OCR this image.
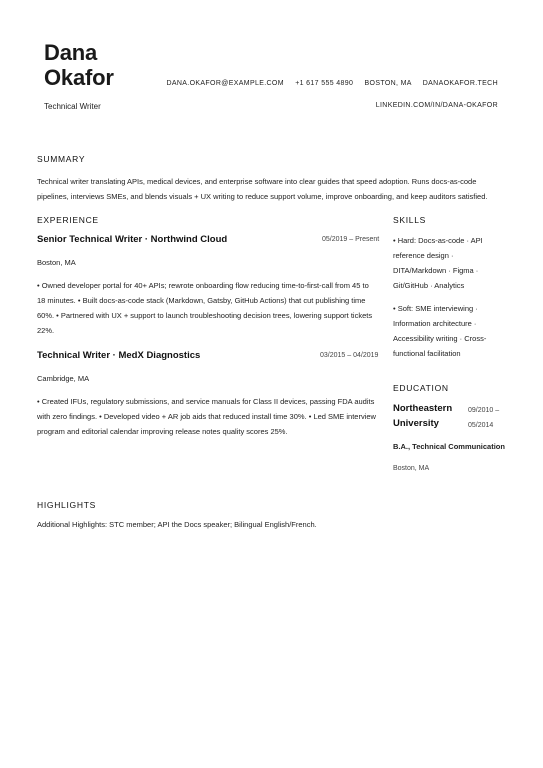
Dana
Okafor
Technical Writer
DANA.OKAFOR@EXAMPLE.COM +1 617 555 4890 BOSTON, MA DANAOKAFOR.TECH
LINKEDIN.COM/IN/DANA-OKAFOR
SUMMARY
Technical writer translating APIs, medical devices, and enterprise software into clear guides that speed adoption. Runs docs-as-code pipelines, interviews SMEs, and blends visuals + UX writing to reduce support volume, improve onboarding, and keep auditors satisfied.
EXPERIENCE
Senior Technical Writer · Northwind Cloud	05/2019 – Present
Boston, MA
• Owned developer portal for 40+ APIs; rewrote onboarding flow reducing time-to-first-call from 45 to 18 minutes. • Built docs-as-code stack (Markdown, Gatsby, GitHub Actions) that cut publishing time 60%. • Partnered with UX + support to launch troubleshooting decision trees, lowering support tickets 22%.
Technical Writer · MedX Diagnostics	03/2015 – 04/2019
Cambridge, MA
• Created IFUs, regulatory submissions, and service manuals for Class II devices, passing FDA audits with zero findings. • Developed video + AR job aids that reduced install time 30%. • Led SME interview program and editorial calendar improving release notes quality scores 25%.
SKILLS
• Hard: Docs-as-code · API reference design · DITA/Markdown · Figma · Git/GitHub · Analytics
• Soft: SME interviewing · Information architecture · Accessibility writing · Cross-functional facilitation
EDUCATION
Northeastern University
09/2010 – 05/2014
B.A., Technical Communication
Boston, MA
HIGHLIGHTS
Additional Highlights: STC member; API the Docs speaker; Bilingual English/French.
